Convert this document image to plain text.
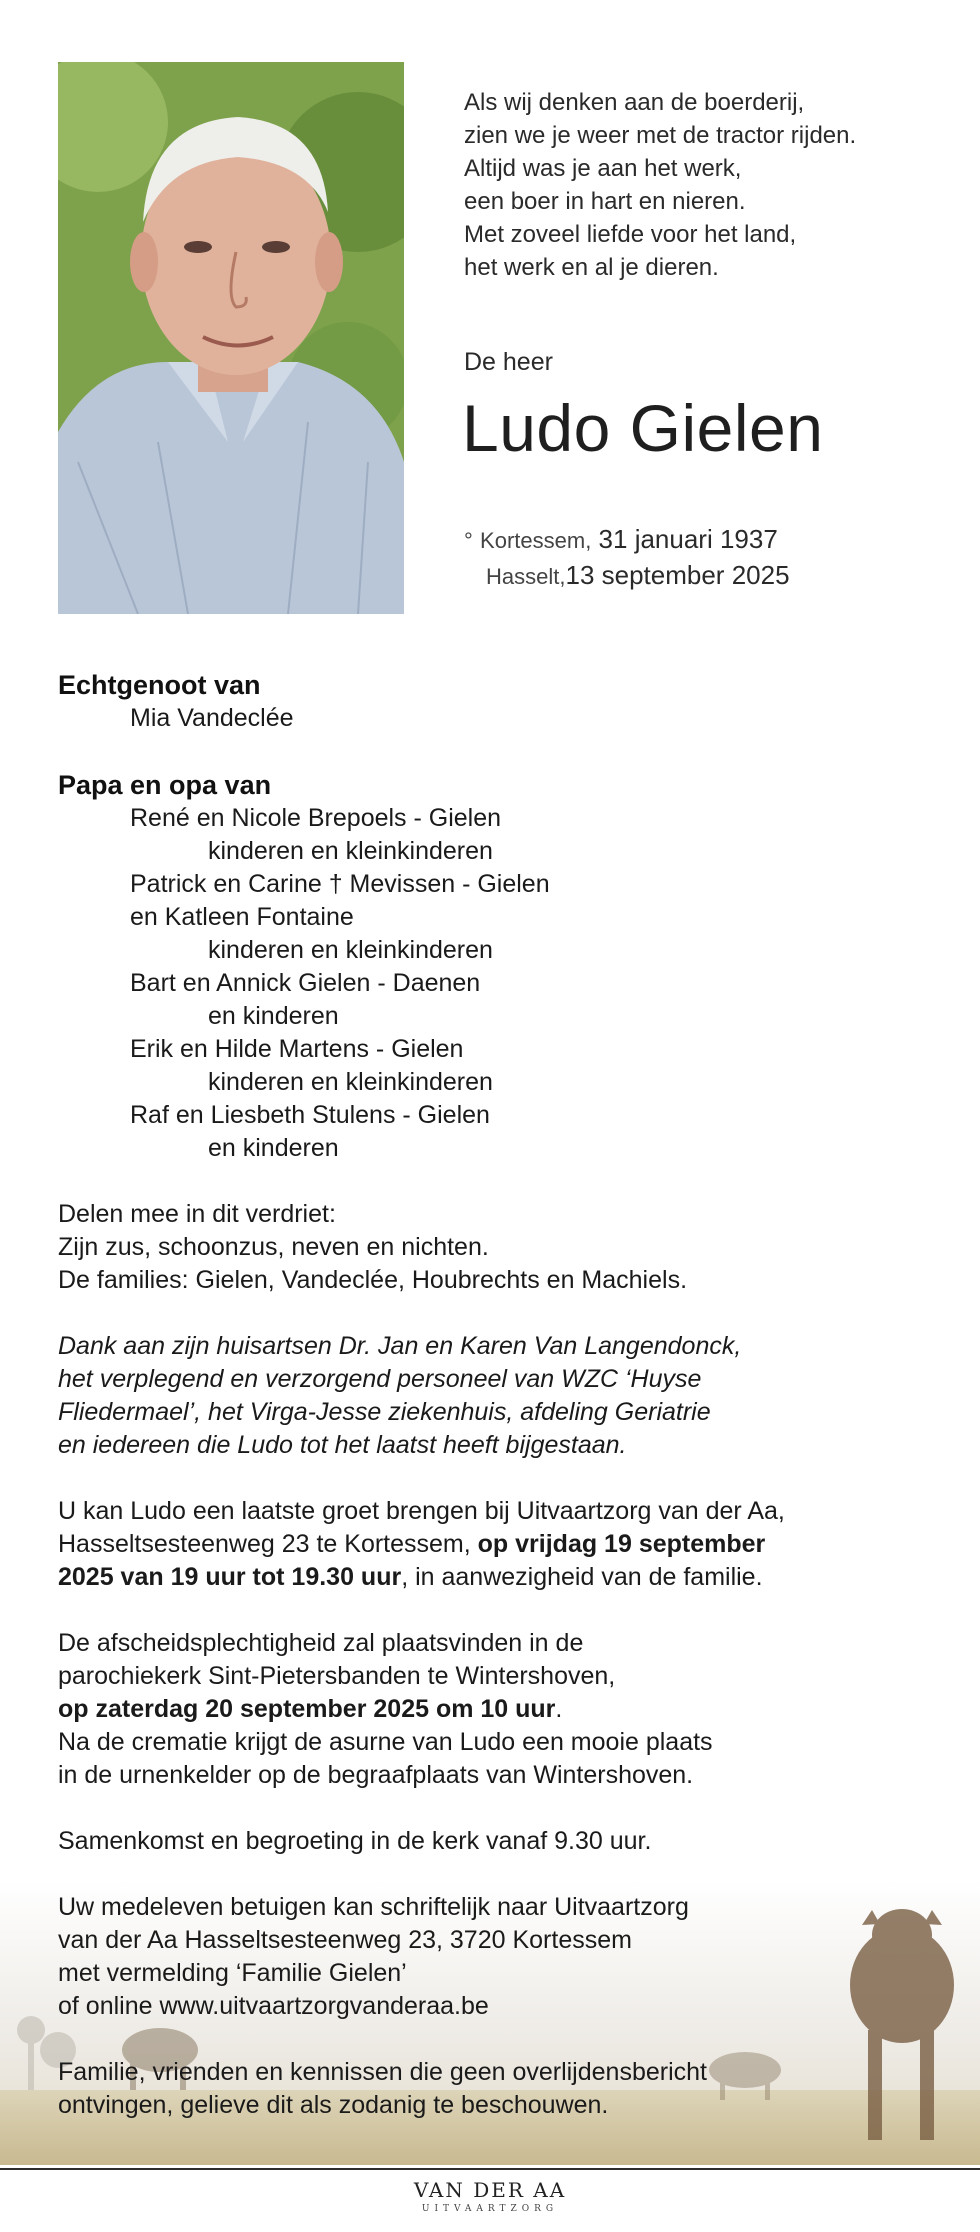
Als wij denken aan de boerderij,
zien we je weer met de tractor rijden.
Altijd was je aan het werk,
een boer in hart en nieren.
Met zoveel liefde voor het land,
het werk en al je dieren.
De heer
Ludo Gielen
° Kortessem, 31 januari 1937
Hasselt,13 september 2025
Echtgenoot van
Mia Vandeclée
Papa en opa van
René en Nicole Brepoels - Gielen
kinderen en kleinkinderen
Patrick en Carine † Mevissen - Gielen
en Katleen Fontaine
kinderen en kleinkinderen
Bart en Annick Gielen - Daenen
en kinderen
Erik en Hilde Martens - Gielen
kinderen en kleinkinderen
Raf en Liesbeth Stulens - Gielen
en kinderen
Delen mee in dit verdriet:
Zijn zus, schoonzus, neven en nichten.
De families: Gielen, Vandeclée, Houbrechts en Machiels.
Dank aan zijn huisartsen Dr. Jan en Karen Van Langendonck,
het verplegend en verzorgend personeel van WZC ‘Huyse
Fliedermael’, het Virga-Jesse ziekenhuis, afdeling Geriatrie
en iedereen die Ludo tot het laatst heeft bijgestaan.
U kan Ludo een laatste groet brengen bij Uitvaartzorg van der Aa,
Hasseltsesteenweg 23 te Kortessem, op vrijdag 19 september
2025 van 19 uur tot 19.30 uur, in aanwezigheid van de familie.
De afscheidsplechtigheid zal plaatsvinden in de
parochiekerk Sint-Pietersbanden te Wintershoven,
op zaterdag 20 september 2025 om 10 uur.
Na de crematie krijgt de asurne van Ludo een mooie plaats
in de urnenkelder op de begraafplaats van Wintershoven.
Samenkomst en begroeting in de kerk vanaf 9.30 uur.
Uw medeleven betuigen kan schriftelijk naar Uitvaartzorg
van der Aa Hasseltsesteenweg 23, 3720 Kortessem
met vermelding ‘Familie Gielen’
of online www.uitvaartzorgvanderaa.be
Familie, vrienden en kennissen die geen overlijdensbericht
ontvingen, gelieve dit als zodanig te beschouwen.
VAN DER AA
UITVAARTZORG
